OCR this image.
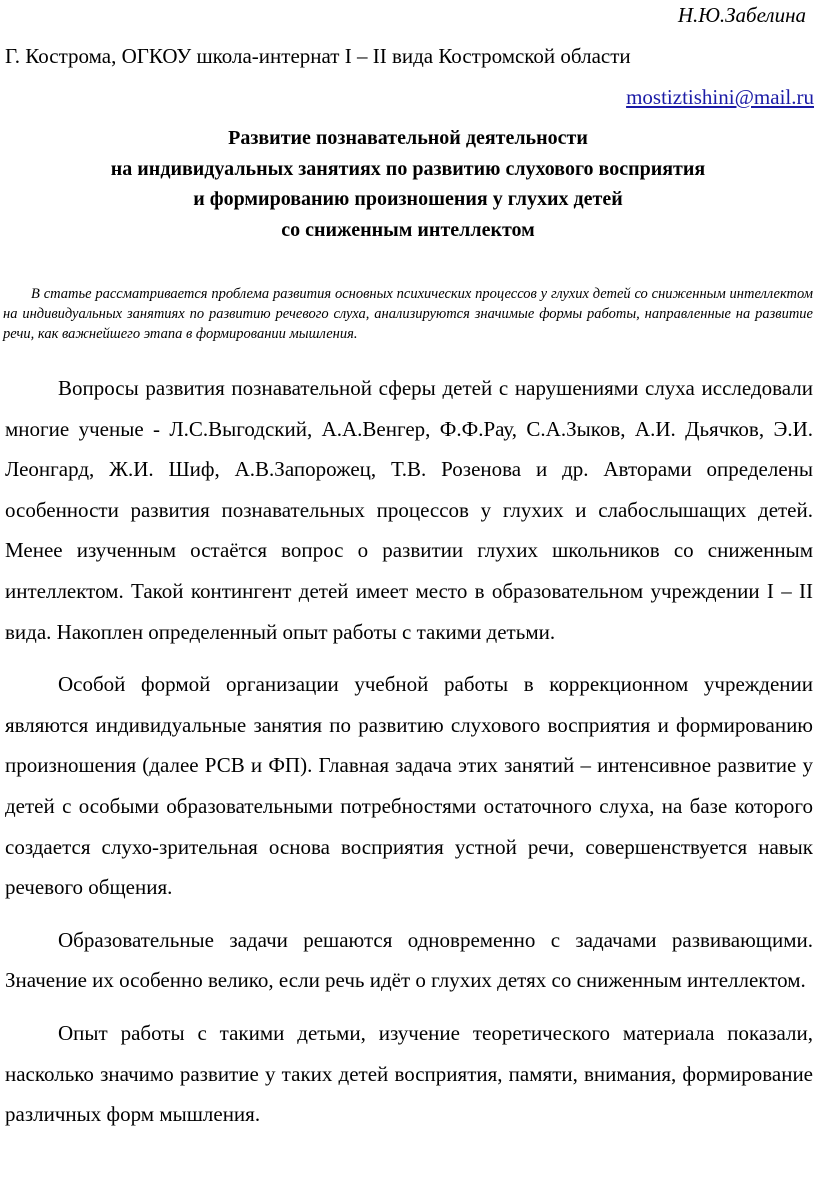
Н.Ю.Забелина
Г. Кострома, ОГКОУ школа-интернат I – II вида Костромской области
mostiztishini@mail.ru
Развитие познавательной деятельности
на индивидуальных занятиях по развитию слухового восприятия
и формированию произношения у глухих детей
со сниженным интеллектом
В статье рассматривается проблема развития основных психических процессов у глухих детей со сниженным интеллектом на индивидуальных занятиях по развитию речевого слуха, анализируются значимые формы работы, направленные на развитие речи, как важнейшего этапа в формировании мышления.

Вопросы развития познавательной сферы детей с нарушениями слуха исследовали многие ученые - Л.С.Выгодский, А.А.Венгер, Ф.Ф.Рау, С.А.Зыков, А.И. Дьячков, Э.И. Леонгард, Ж.И. Шиф, А.В.Запорожец, Т.В. Розенова и др. Авторами определены особенности развития познавательных процессов у глухих и слабослышащих детей. Менее изученным остаётся вопрос о развитии глухих школьников со сниженным интеллектом. Такой контингент детей имеет место в образовательном учреждении I – II вида. Накоплен определенный опыт работы с такими детьми.

Особой формой организации учебной работы в коррекционном учреждении являются индивидуальные занятия по развитию слухового восприятия и формированию произношения (далее РСВ и ФП). Главная задача этих занятий – интенсивное развитие у детей с особыми образовательными потребностями остаточного слуха, на базе которого создается слухо-зрительная основа восприятия устной речи, совершенствуется навык речевого общения.

Образовательные задачи решаются одновременно с задачами развивающими. Значение их особенно велико, если речь идёт о глухих детях со сниженным интеллектом.

Опыт работы с такими детьми, изучение теоретического материала показали, насколько значимо развитие у таких детей восприятия, памяти, внимания, формирование различных форм мышления.
